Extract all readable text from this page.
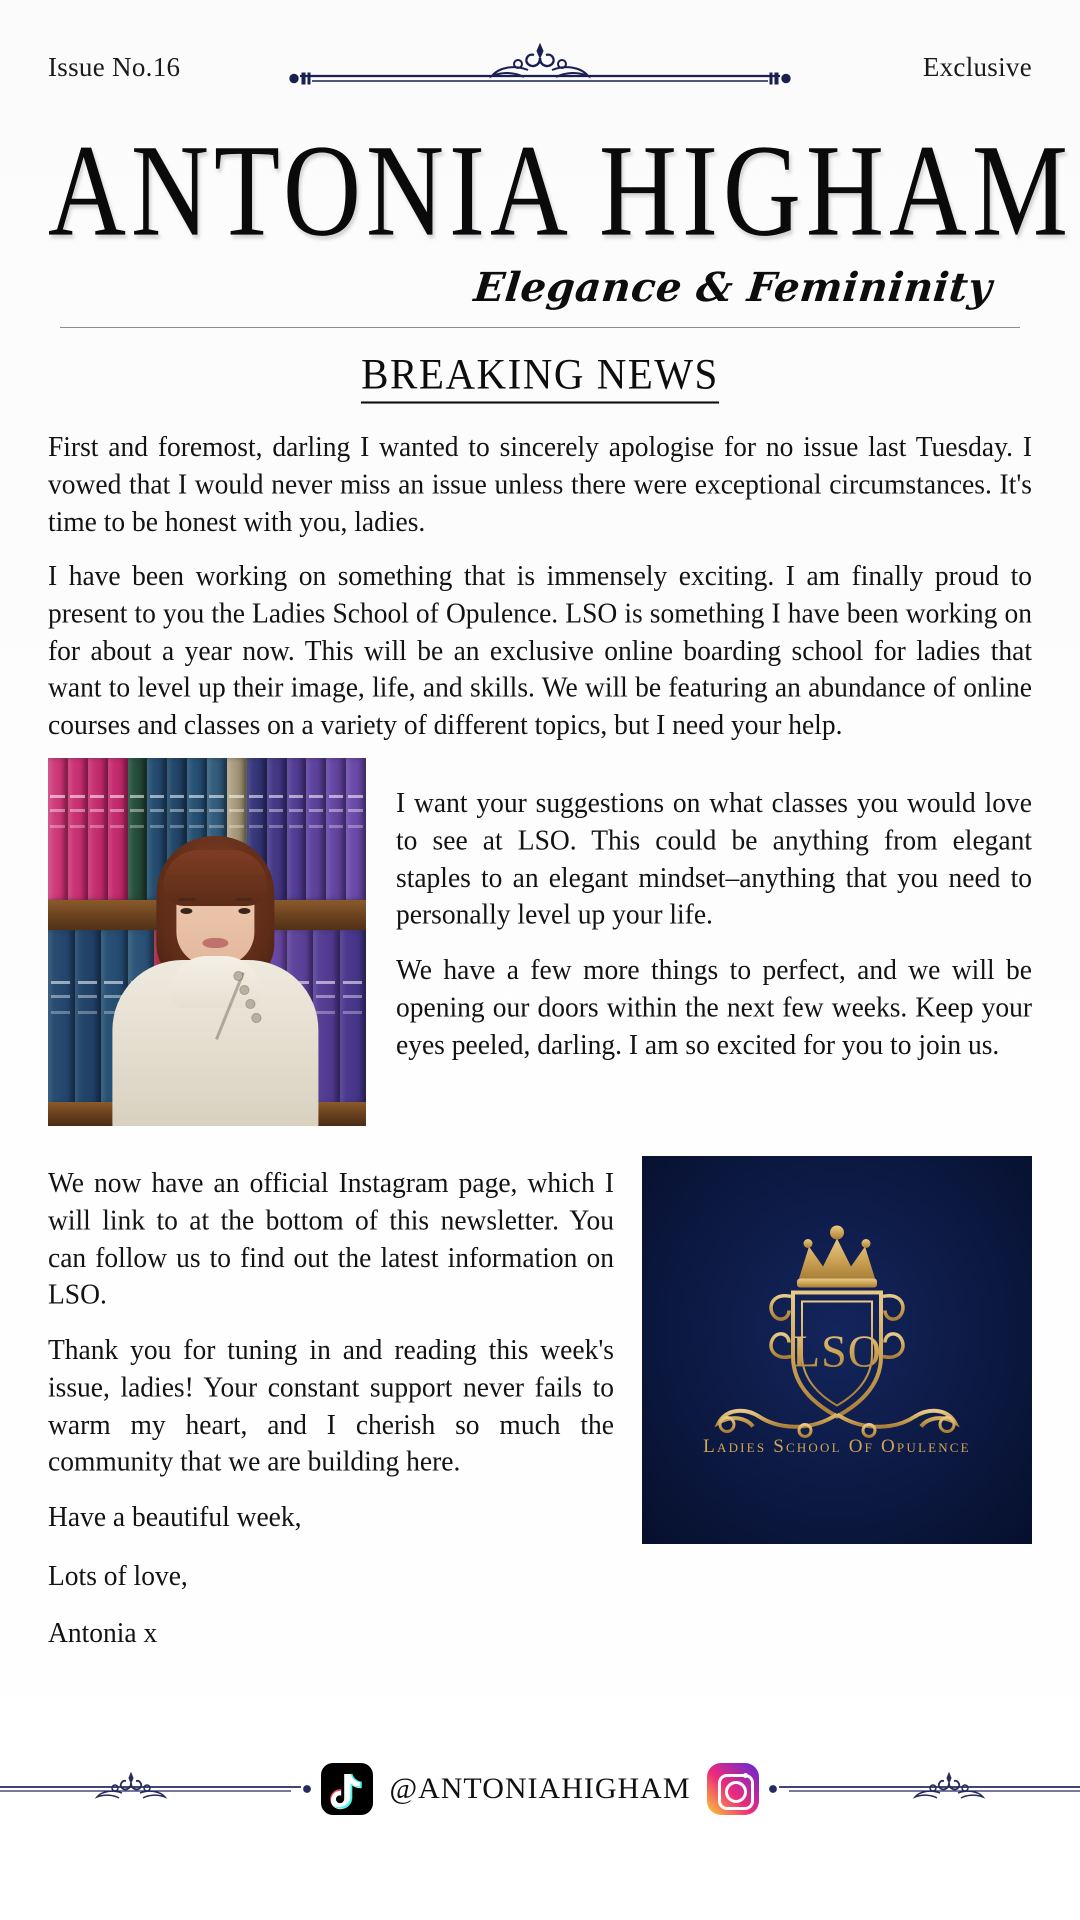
Issue No.16	Exclusive
ANTONIA HIGHAM
Elegance & Femininity
BREAKING NEWS

First and foremost, darling I wanted to sincerely apologise for no issue last Tuesday. I vowed that I would never miss an issue unless there were exceptional circumstances. It's time to be honest with you, ladies.

I have been working on something that is immensely exciting. I am finally proud to present to you the Ladies School of Opulence. LSO is something I have been working on for about a year now. This will be an exclusive online boarding school for ladies that want to level up their image, life, and skills. We will be featuring an abundance of online courses and classes on a variety of different topics, but I need your help.

I want your suggestions on what classes you would love to see at LSO. This could be anything from elegant staples to an elegant mindset–anything that you need to personally level up your life.

We have a few more things to perfect, and we will be opening our doors within the next few weeks. Keep your eyes peeled, darling. I am so excited for you to join us.

We now have an official Instagram page, which I will link to at the bottom of this newsletter. You can follow us to find out the latest information on LSO.

Thank you for tuning in and reading this week's issue, ladies! Your constant support never fails to warm my heart, and I cherish so much the community that we are building here.

Have a beautiful week,

Lots of love,

Antonia x

LSO
Ladies School Of Opulence
@ANTONIAHIGHAM
